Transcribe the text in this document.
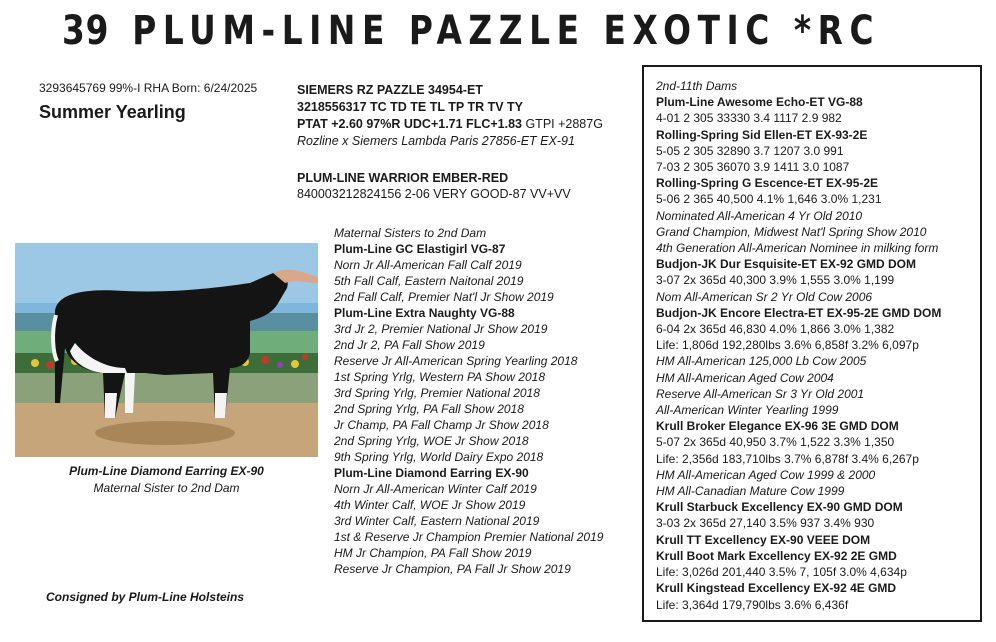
39 PLUM-LINE PAZZLE EXOTIC *RC
3293645769 99%-I RHA Born: 6/24/2025
Summer Yearling
SIEMERS RZ PAZZLE 34954-ET
3218556317 TC TD TE TL TP TR TV TY
PTAT +2.60 97%R UDC+1.71 FLC+1.83 GTPI +2887G
Rozline x Siemers Lambda Paris 27856-ET EX-91
PLUM-LINE WARRIOR EMBER-RED
840003212824156 2-06 VERY GOOD-87 VV+VV
Maternal Sisters to 2nd Dam
Plum-Line GC Elastigirl VG-87
Norn Jr All-American Fall Calf 2019
5th Fall Calf, Eastern Naitonal 2019
2nd Fall Calf, Premier Nat'l Jr Show 2019
Plum-Line Extra Naughty VG-88
3rd Jr 2, Premier National Jr Show 2019
2nd Jr 2, PA Fall Show 2019
Reserve Jr All-American Spring Yearling 2018
1st Spring Yrlg, Western PA Show 2018
3rd Spring Yrlg, Premier National 2018
2nd Spring Yrlg, PA Fall Show 2018
Jr Champ, PA Fall Champ Jr Show 2018
2nd Spring Yrlg, WOE Jr Show 2018
9th Spring Yrlg, World Dairy Expo 2018
Plum-Line Diamond Earring EX-90
Norn Jr All-American Winter Calf 2019
4th Winter Calf, WOE Jr Show 2019
3rd Winter Calf, Eastern National 2019
1st & Reserve Jr Champion Premier National 2019
HM Jr Champion, PA Fall Show 2019
Reserve Jr Champion, PA Fall Jr Show 2019
Plum-Line Diamond Earring EX-90
Maternal Sister to 2nd Dam
Consigned by Plum-Line Holsteins
2nd-11th Dams
Plum-Line Awesome Echo-ET VG-88
4-01 2 305 33330 3.4 1117 2.9 982
Rolling-Spring Sid Ellen-ET EX-93-2E
5-05 2 305 32890 3.7 1207 3.0 991
7-03 2 305 36070 3.9 1411 3.0 1087
Rolling-Spring G Escence-ET EX-95-2E
5-06 2 365 40,500 4.1% 1,646 3.0% 1,231
Nominated All-American 4 Yr Old 2010
Grand Champion, Midwest Nat'l Spring Show 2010
4th Generation All-American Nominee in milking form
Budjon-JK Dur Esquisite-ET EX-92 GMD DOM
3-07 2x 365d 40,300 3.9% 1,555 3.0% 1,199
Nom All-American Sr 2 Yr Old Cow 2006
Budjon-JK Encore Electra-ET EX-95-2E GMD DOM
6-04 2x 365d 46,830 4.0% 1,866 3.0% 1,382
Life: 1,806d 192,280lbs 3.6% 6,858f 3.2% 6,097p
HM All-American 125,000 Lb Cow 2005
HM All-American Aged Cow 2004
Reserve All-American Sr 3 Yr Old 2001
All-American Winter Yearling 1999
Krull Broker Elegance EX-96 3E GMD DOM
5-07 2x 365d 40,950 3.7% 1,522 3.3% 1,350
Life: 2,356d 183,710lbs 3.7% 6,878f 3.4% 6,267p
HM All-American Aged Cow 1999 & 2000
HM All-Canadian Mature Cow 1999
Krull Starbuck Excellency EX-90 GMD DOM
3-03 2x 365d 27,140 3.5% 937 3.4% 930
Krull TT Excellency EX-90 VEEE DOM
Krull Boot Mark Excellency EX-92 2E GMD
Life: 3,026d 201,440 3.5% 7, 105f 3.0% 4,634p
Krull Kingstead Excellency EX-92 4E GMD
Life: 3,364d 179,790lbs 3.6% 6,436f
